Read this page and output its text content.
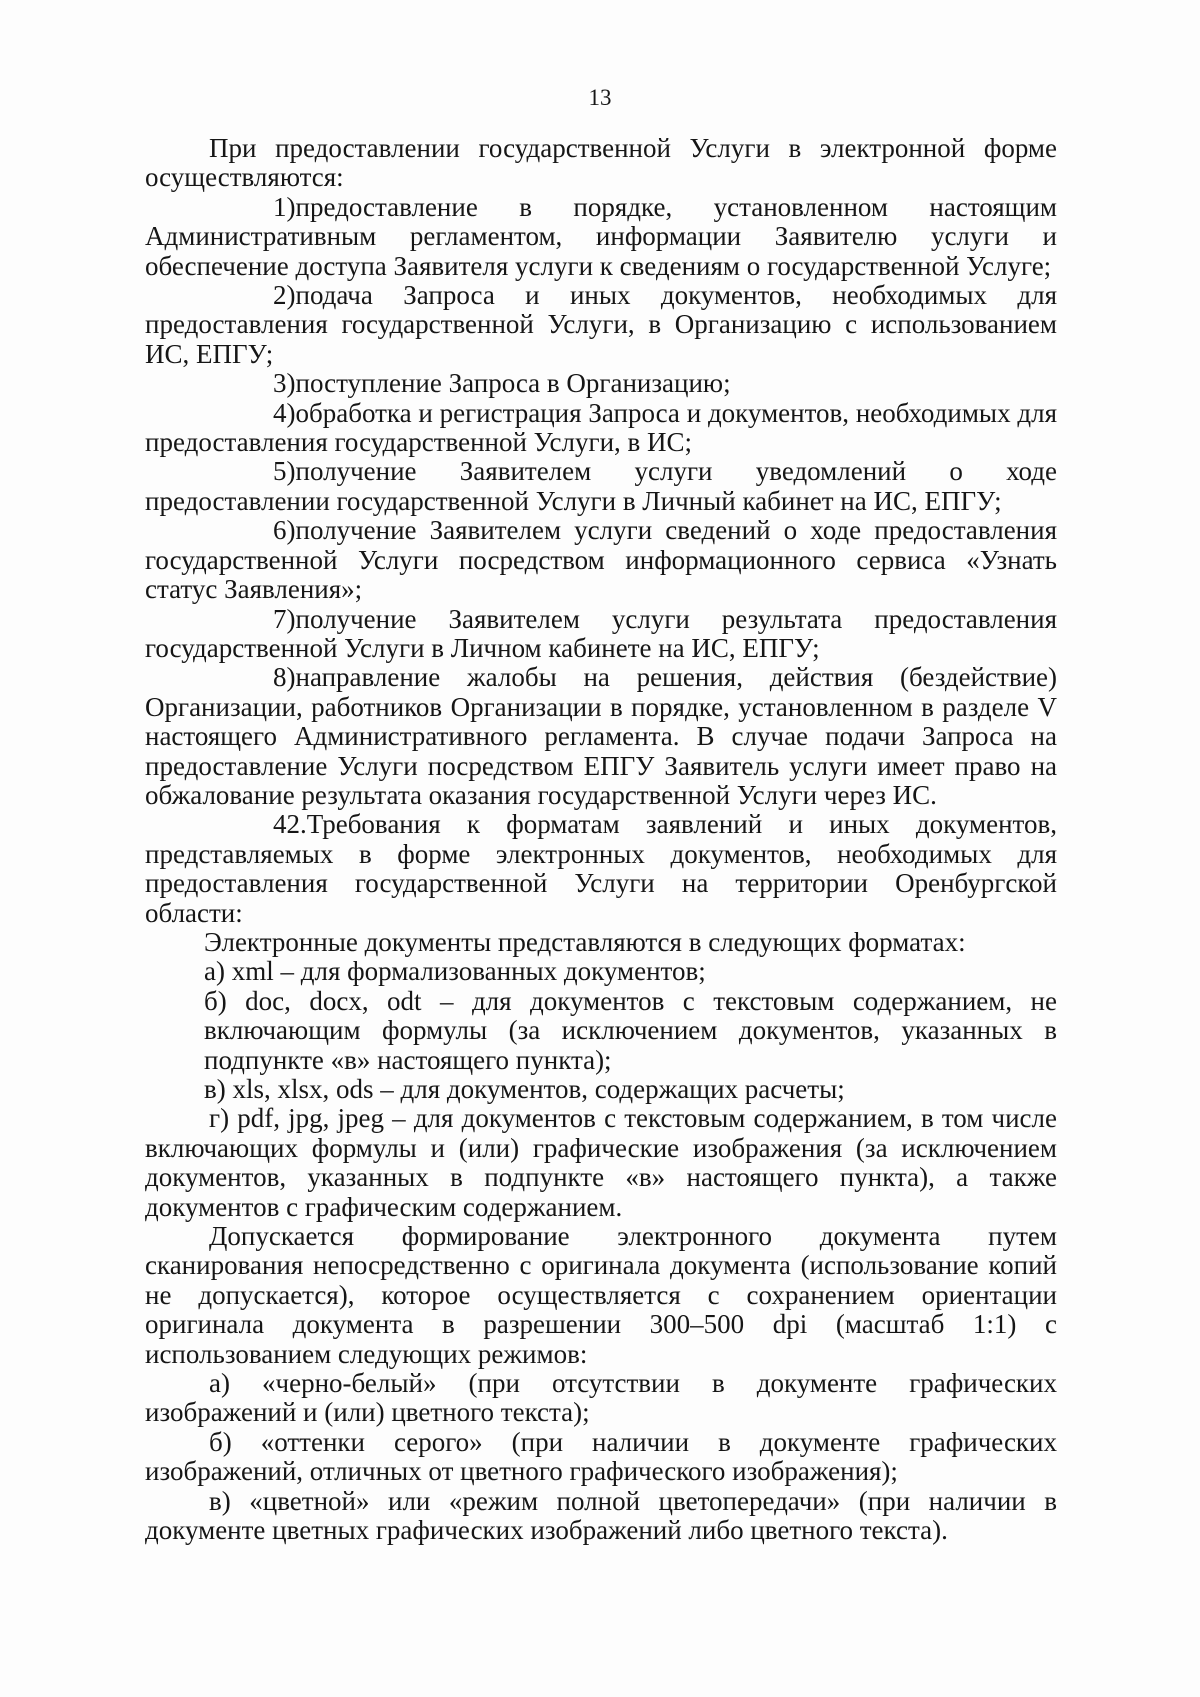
13

При предоставлении государственной Услуги в электронной форме осуществляются:

1)предоставление в порядке, установленном настоящим Административным регламентом, информации Заявителю услуги и обеспечение доступа Заявителя услуги к сведениям о государственной Услуге;

2)подача Запроса и иных документов, необходимых для предоставления государственной Услуги, в Организацию с использованием ИС, ЕПГУ;

3)поступление Запроса в Организацию;

4)обработка и регистрация Запроса и документов, необходимых для предоставления государственной Услуги, в ИС;

5)получение Заявителем услуги уведомлений о ходе предоставлении государственной Услуги в Личный кабинет на ИС, ЕПГУ;

6)получение Заявителем услуги сведений о ходе предоставления государственной Услуги посредством информационного сервиса «Узнать статус Заявления»;

7)получение Заявителем услуги результата предоставления государственной Услуги в Личном кабинете на ИС, ЕПГУ;

8)направление жалобы на решения, действия (бездействие) Организации, работников Организации в порядке, установленном в разделе V настоящего Административного регламента. В случае подачи Запроса на предоставление Услуги посредством ЕПГУ Заявитель услуги имеет право на обжалование результата оказания государственной Услуги через ИС.

42.Требования к форматам заявлений и иных документов, представляемых в форме электронных документов, необходимых для предоставления государственной Услуги на территории Оренбургской области:

Электронные документы представляются в следующих форматах:

а) xml – для формализованных документов;

б) doc, docx, odt – для документов с текстовым содержанием, не включающим формулы (за исключением документов, указанных в подпункте «в» настоящего пункта);

в) xls, xlsx, ods – для документов, содержащих расчеты;

г) pdf, jpg, jpeg – для документов с текстовым содержанием, в том числе включающих формулы и (или) графические изображения (за исключением документов, указанных в подпункте «в» настоящего пункта), а также документов с графическим содержанием.

Допускается формирование электронного документа путем сканирования непосредственно с оригинала документа (использование копий не допускается), которое осуществляется с сохранением ориентации оригинала документа в разрешении 300–500 dpi (масштаб 1:1) с использованием следующих режимов:

а) «черно-белый» (при отсутствии в документе графических изображений и (или) цветного текста);

б) «оттенки серого» (при наличии в документе графических изображений, отличных от цветного графического изображения);

в) «цветной» или «режим полной цветопередачи» (при наличии в документе цветных графических изображений либо цветного текста).
